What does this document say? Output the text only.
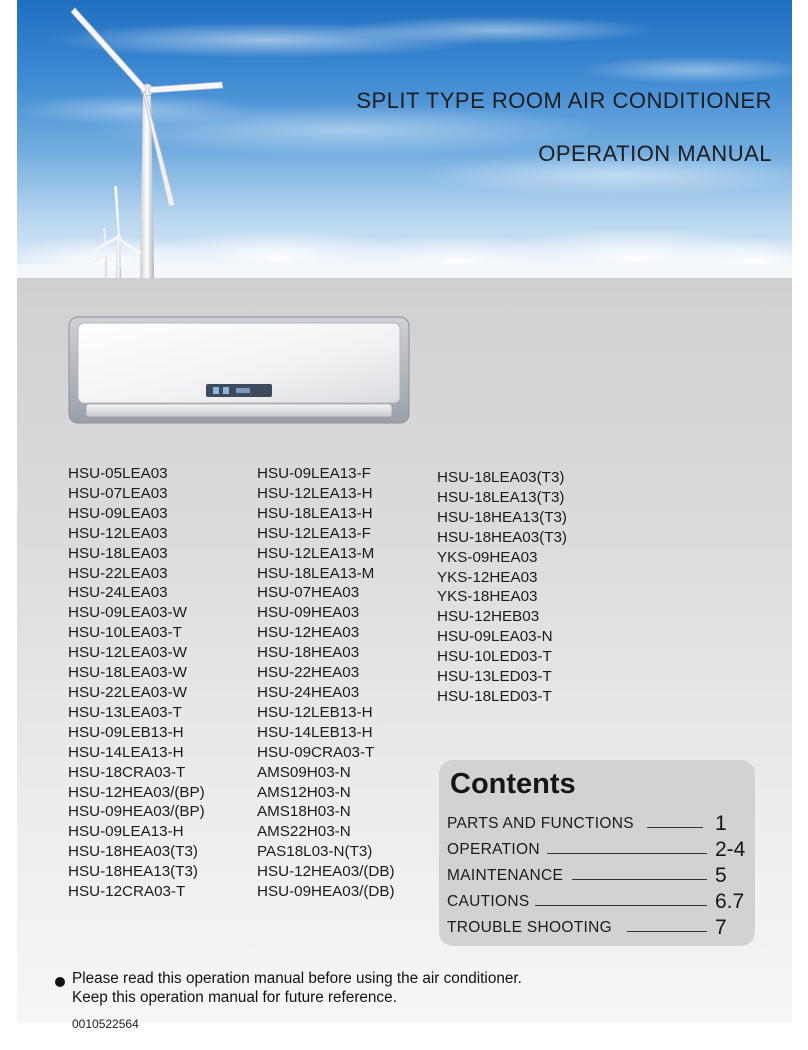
SPLIT TYPE ROOM AIR CONDITIONER
OPERATION MANUAL
HSU-05LEA03
HSU-07LEA03
HSU-09LEA03
HSU-12LEA03
HSU-18LEA03
HSU-22LEA03
HSU-24LEA03
HSU-09LEA03-W
HSU-10LEA03-T
HSU-12LEA03-W
HSU-18LEA03-W
HSU-22LEA03-W
HSU-13LEA03-T
HSU-09LEB13-H
HSU-14LEA13-H
HSU-18CRA03-T
HSU-12HEA03/(BP)
HSU-09HEA03/(BP)
HSU-09LEA13-H
HSU-18HEA03(T3)
HSU-18HEA13(T3)
HSU-12CRA03-T
HSU-09LEA13-F
HSU-12LEA13-H
HSU-18LEA13-H
HSU-12LEA13-F
HSU-12LEA13-M
HSU-18LEA13-M
HSU-07HEA03
HSU-09HEA03
HSU-12HEA03
HSU-18HEA03
HSU-22HEA03
HSU-24HEA03
HSU-12LEB13-H
HSU-14LEB13-H
HSU-09CRA03-T
AMS09H03-N
AMS12H03-N
AMS18H03-N
AMS22H03-N
PAS18L03-N(T3)
HSU-12HEA03/(DB)
HSU-09HEA03/(DB)
HSU-18LEA03(T3)
HSU-18LEA13(T3)
HSU-18HEA13(T3)
HSU-18HEA03(T3)
YKS-09HEA03
YKS-12HEA03
YKS-18HEA03
HSU-12HEB03
HSU-09LEA03-N
HSU-10LED03-T
HSU-13LED03-T
HSU-18LED03-T
Contents
PARTS AND FUNCTIONS	1
OPERATION	2-4
MAINTENANCE	5
CAUTIONS	6.7
TROUBLE SHOOTING	7
Please read this operation manual before using the air conditioner.
Keep this operation manual for future reference.
0010522564
